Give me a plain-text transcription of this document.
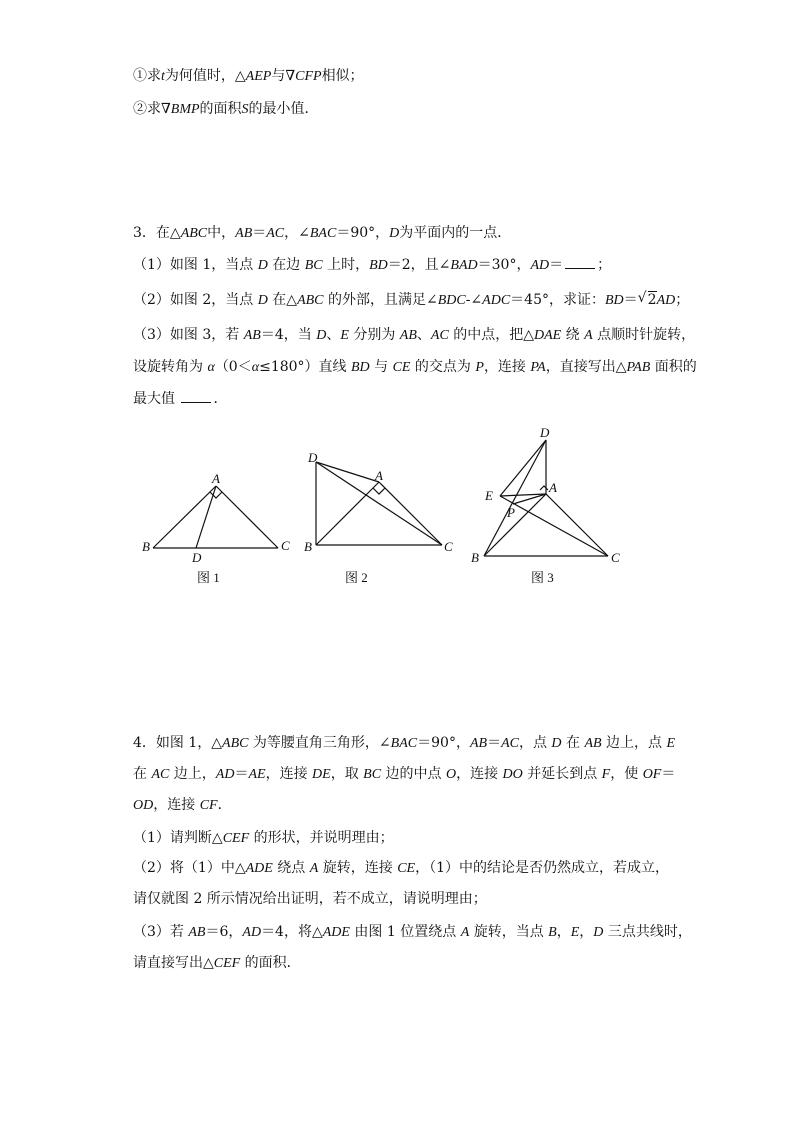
①求t为何值时，△AEP与∇CFP相似；
②求∇BMP的面积S的最小值．
3．在△ABC中，AB＝AC，∠BAC＝90°，D为平面内的一点．
（1）如图 1，当点 D 在边 BC 上时，BD＝2，且∠BAD＝30°，AD＝ ；
（2）如图 2，当点 D 在△ABC 的外部，且满足∠BDC-∠ADC＝45°，求证：BD＝ √ 2AD；
（3）如图 3，若 AB＝4，当 D、E 分别为 AB、AC 的中点，把△DAE 绕 A 点顺时针旋转，
设旋转角为 α（0＜α≤180°）直线 BD 与 CE 的交点为 P，连接 PA，直接写出△PAB 面积的
最大值	．
A
B	C
D
图 1
D
A
B	C
图 2
D
E
A
P
B	C
图 3
4．如图 1，△ABC 为等腰直角三角形，∠BAC＝90°，AB＝AC，点 D 在 AB 边上，点 E
在 AC 边上，AD＝AE，连接 DE，取 BC 边的中点 O，连接 DO 并延长到点 F，使 OF＝
OD，连接 CF．
（1）请判断△CEF 的形状，并说明理由；
（2）将（1）中△ADE 绕点 A 旋转，连接 CE，（1）中的结论是否仍然成立，若成立，
请仅就图 2 所示情况给出证明，若不成立，请说明理由；
（3）若 AB＝6，AD＝4，将△ADE 由图 1 位置绕点 A 旋转，当点 B，E，D 三点共线时，
请直接写出△CEF 的面积．
